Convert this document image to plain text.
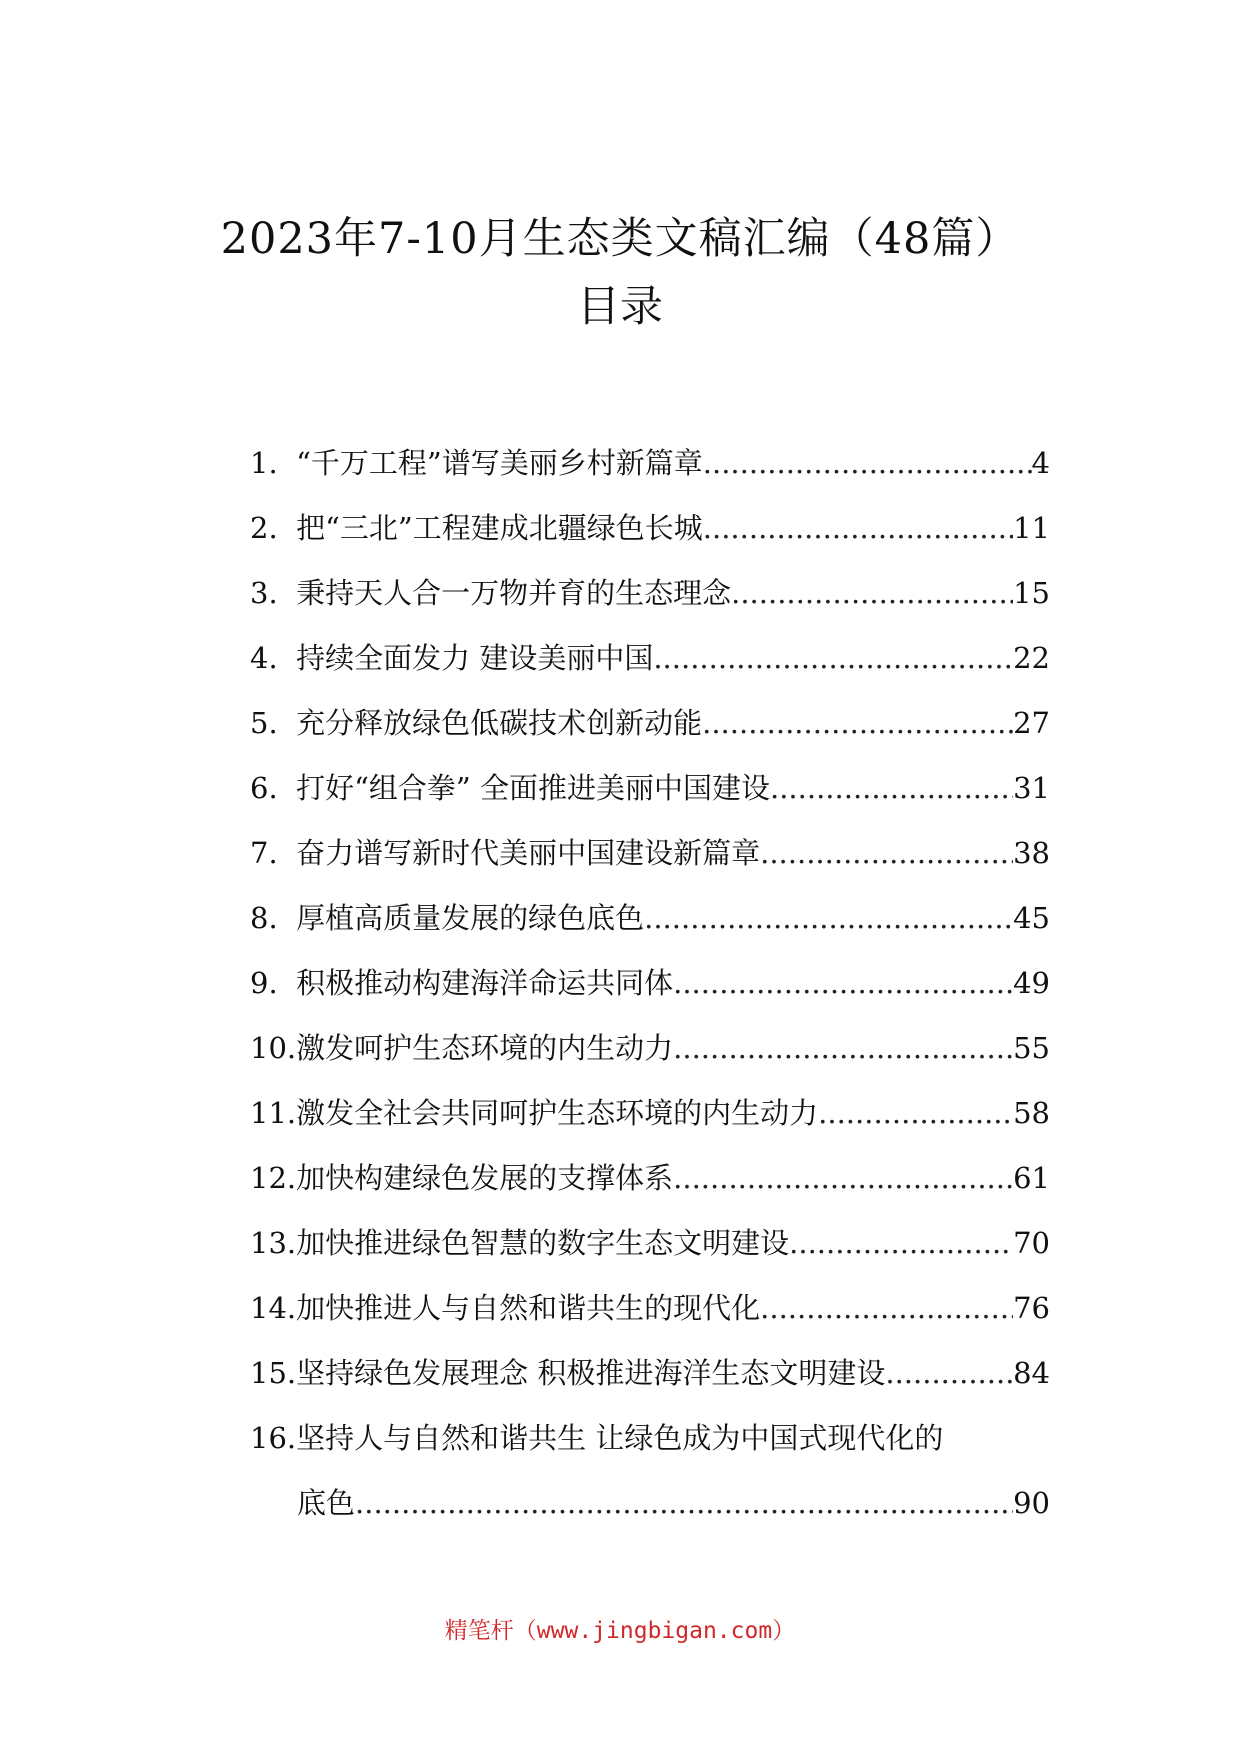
2023年7-10月生态类文稿汇编（48篇）
目录
1. “千万工程”谱写美丽乡村新篇章 .....	4
2. 把“三北”工程建成北疆绿色长城 .....	11
3. 秉持天人合一万物并育的生态理念 .....	15
4. 持续全面发力 建设美丽中国 .....	22
5. 充分释放绿色低碳技术创新动能 .....	27
6. 打好“组合拳” 全面推进美丽中国建设 .....	31
7. 奋力谱写新时代美丽中国建设新篇章 .....	38
8. 厚植高质量发展的绿色底色 .....	45
9. 积极推动构建海洋命运共同体 .....	49
10. 激发呵护生态环境的内生动力 .....	55
11. 激发全社会共同呵护生态环境的内生动力 .....	58
12. 加快构建绿色发展的支撑体系 .....	61
13. 加快推进绿色智慧的数字生态文明建设 .....	70
14. 加快推进人与自然和谐共生的现代化 .....	76
15. 坚持绿色发展理念 积极推进海洋生态文明建设 .....	84
16. 坚持人与自然和谐共生 让绿色成为中国式现代化的
底色 .....	90
精笔杆（www.jingbigan.com）
